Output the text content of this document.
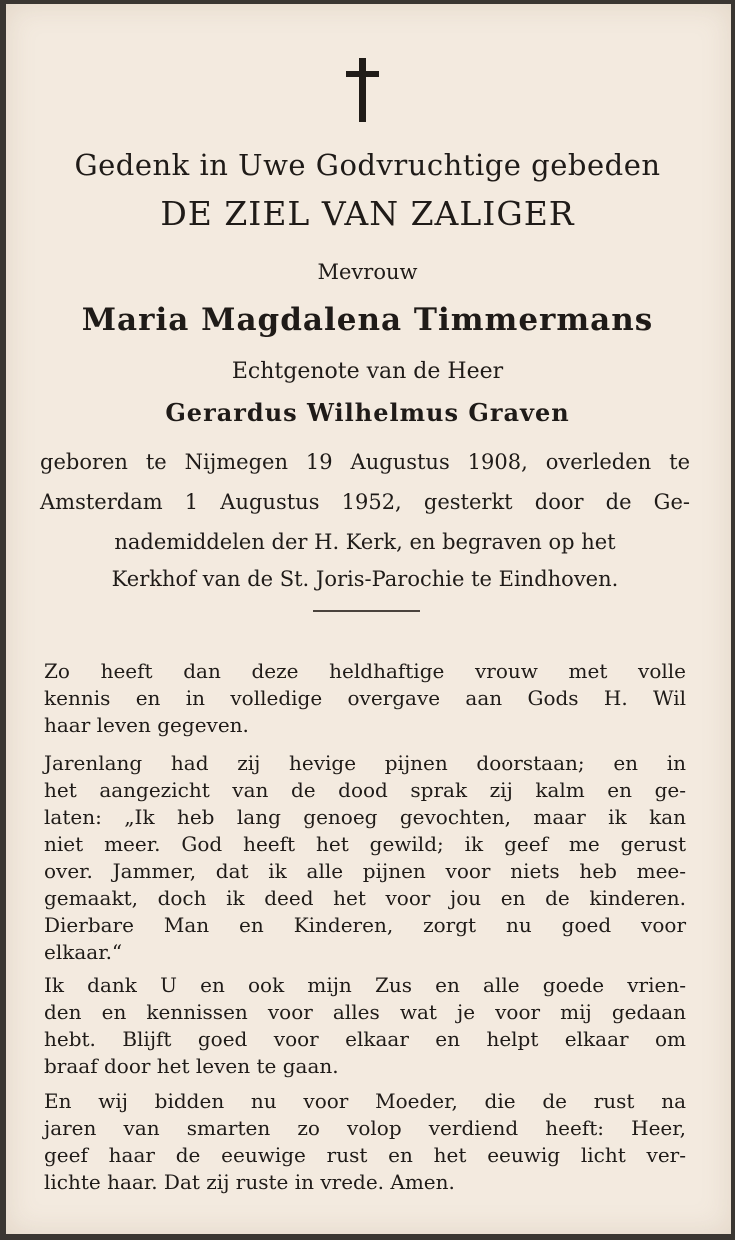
Gedenk in Uwe Godvruchtige gebeden
DE ZIEL VAN ZALIGER
Mevrouw
Maria Magdalena Timmermans
Echtgenote van de Heer
Gerardus Wilhelmus Graven
geboren te Nijmegen 19 Augustus 1908, overleden te
Amsterdam 1 Augustus 1952, gesterkt door de Ge-
nademiddelen der H. Kerk, en begraven op het
Kerkhof van de St. Joris-Parochie te Eindhoven.
Zo heeft dan deze heldhaftige vrouw met volle
kennis en in volledige overgave aan Gods H. Wil
haar leven gegeven.
Jarenlang had zij hevige pijnen doorstaan; en in
het aangezicht van de dood sprak zij kalm en ge-
laten: „Ik heb lang genoeg gevochten, maar ik kan
niet meer. God heeft het gewild; ik geef me gerust
over. Jammer, dat ik alle pijnen voor niets heb mee-
gemaakt, doch ik deed het voor jou en de kinderen.
Dierbare Man en Kinderen, zorgt nu goed voor
elkaar.“
Ik dank U en ook mijn Zus en alle goede vrien-
den en kennissen voor alles wat je voor mij gedaan
hebt. Blijft goed voor elkaar en helpt elkaar om
braaf door het leven te gaan.
En wij bidden nu voor Moeder, die de rust na
jaren van smarten zo volop verdiend heeft: Heer,
geef haar de eeuwige rust en het eeuwig licht ver-
lichte haar. Dat zij ruste in vrede. Amen.
